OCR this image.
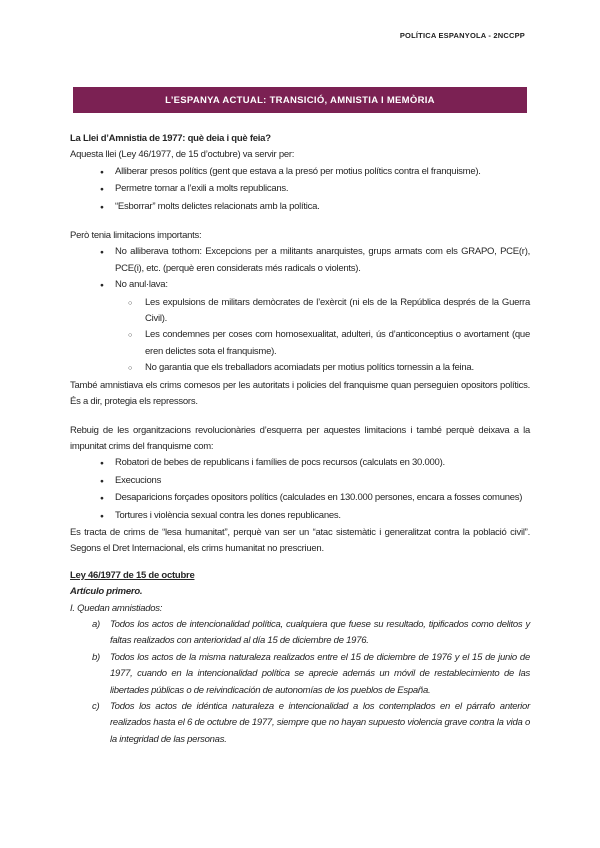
POLÍTICA ESPANYOLA - 2NCCPP
L’ESPANYA ACTUAL: TRANSICIÓ, AMNISTIA I MEMÒRIA

La Llei d’Amnistia de 1977: què deia i què feia?

Aquesta llei (Ley 46/1977, de 15 d’octubre) va servir per:

●
Alliberar presos polítics (gent que estava a la presó per motius polítics contra el franquisme).
●
Permetre tornar a l’exili a molts republicans.
●
“Esborrar” molts delictes relacionats amb la política.

Però tenia limitacions importants:

●
No alliberava tothom: Excepcions per a militants anarquistes, grups armats com els GRAPO, PCE(r), PCE(i), etc. (perquè eren considerats més radicals o violents).
●
No anul·lava:
○
Les expulsions de militars demòcrates de l’exèrcit (ni els de la República després de la Guerra Civil).
○
Les condemnes per coses com homosexualitat, adulteri, ús d’anticonceptius o avortament (que eren delictes sota el franquisme).
○
No garantia que els treballadors acomiadats per motius polítics tornessin a la feina.

També amnistiava els crims comesos per les autoritats i policies del franquisme quan perseguien opositors polítics. És a dir, protegia els repressors.

Rebuig de les organitzacions revolucionàries d’esquerra per aquestes limitacions i també perquè deixava a la impunitat crims del franquisme com:

●
Robatori de bebes de republicans i famílies de pocs recursos (calculats en 30.000).
●
Execucions
●
Desaparicions forçades opositors polítics (calculades en 130.000 persones, encara a fosses comunes)
●
Tortures i violència sexual contra les dones republicanes.

Es tracta de crims de “lesa humanitat”, perquè van ser un “atac sistemàtic i generalitzat contra la població civil”. Segons el Dret Internacional, els crims humanitat no prescriuen.

Ley 46/1977 de 15 de octubre

Artículo primero.

I. Quedan amnistiados:

a)	Todos los actos de intencionalidad política, cualquiera que fuese su resultado, tipificados como delitos y faltas realizados con anterioridad al día 15 de diciembre de 1976.
b)	Todos los actos de la misma naturaleza realizados entre el 15 de diciembre de 1976 y el 15 de junio de 1977, cuando en la intencionalidad política se aprecie además un móvil de restablecimiento de las libertades públicas o de reivindicación de autonomías de los pueblos de España.
c)	Todos los actos de idéntica naturaleza e intencionalidad a los contemplados en el párrafo anterior realizados hasta el 6 de octubre de 1977, siempre que no hayan supuesto violencia grave contra la vida o la integridad de las personas.
